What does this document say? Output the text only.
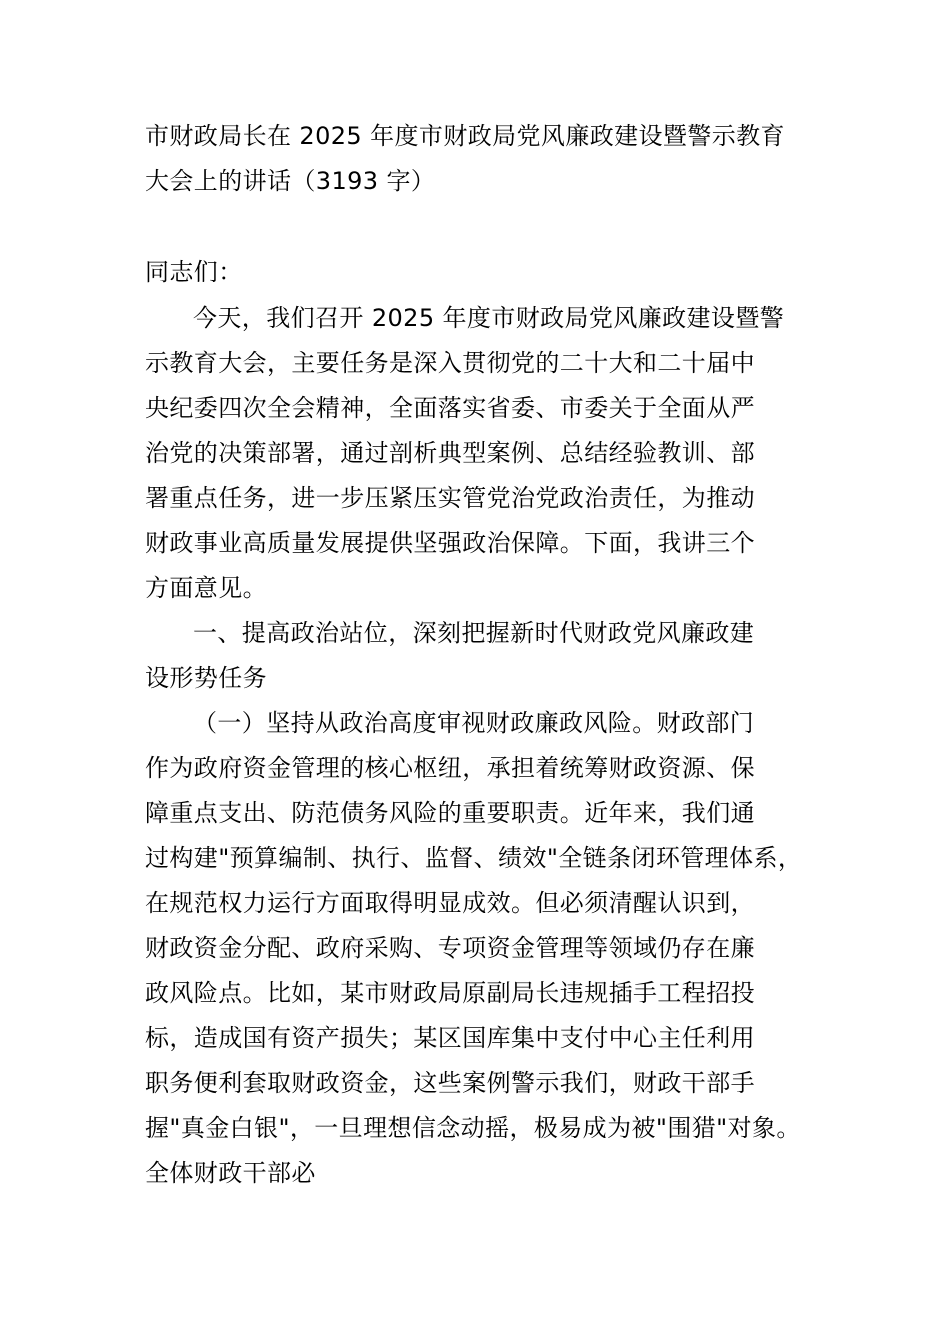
市财政局长在 2025 年度市财政局党风廉政建设暨警示教育
大会上的讲话（3193 字）
同志们：
今天，我们召开 2025 年度市财政局党风廉政建设暨警
示教育大会，主要任务是深入贯彻党的二十大和二十届中
央纪委四次全会精神，全面落实省委、市委关于全面从严
治党的决策部署，通过剖析典型案例、总结经验教训、部
署重点任务，进一步压紧压实管党治党政治责任，为推动
财政事业高质量发展提供坚强政治保障。下面，我讲三个
方面意见。
一、提高政治站位，深刻把握新时代财政党风廉政建
设形势任务
（一）坚持从政治高度审视财政廉政风险。财政部门
作为政府资金管理的核心枢纽，承担着统筹财政资源、保
障重点支出、防范债务风险的重要职责。近年来，我们通
过构建"预算编制、执行、监督、绩效"全链条闭环管理体系，
在规范权力运行方面取得明显成效。但必须清醒认识到，
财政资金分配、政府采购、专项资金管理等领域仍存在廉
政风险点。比如，某市财政局原副局长违规插手工程招投
标，造成国有资产损失；某区国库集中支付中心主任利用
职务便利套取财政资金，这些案例警示我们，财政干部手
握"真金白银"，一旦理想信念动摇，极易成为被"围猎"对象。
全体财政干部必
